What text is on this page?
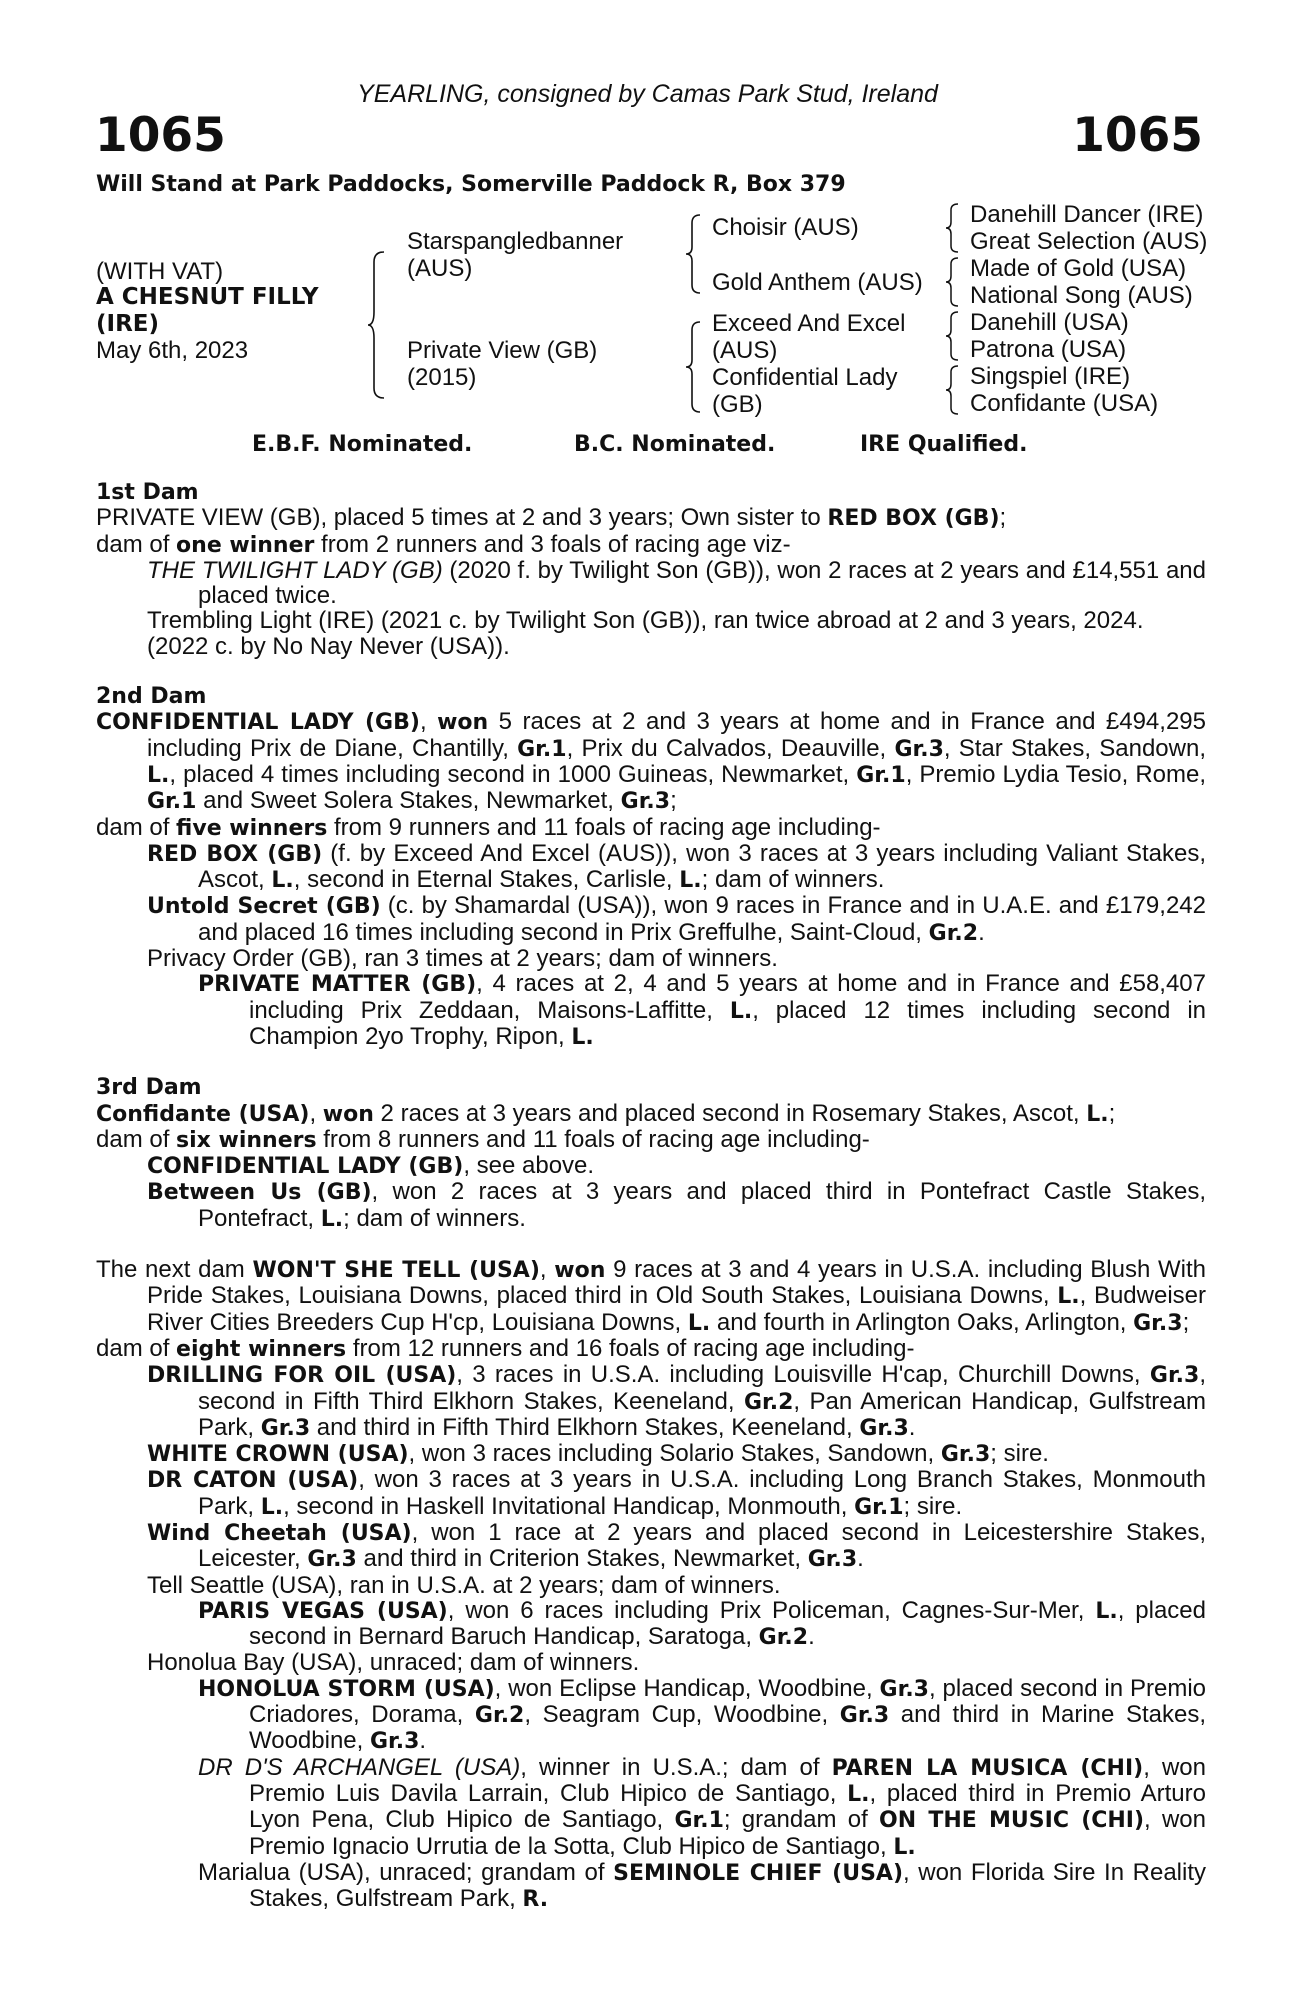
YEARLING, consigned by Camas Park Stud, Ireland
1065	1065
Will Stand at Park Paddocks, Somerville Paddock R, Box 379
(WITH VAT)
A CHESNUT FILLY
(IRE)
May 6th, 2023
Starspangledbanner
(AUS)
Private View (GB)
(2015)
Choisir (AUS)
Gold Anthem (AUS)
Exceed And Excel
(AUS)
Confidential Lady
(GB)
Danehill Dancer (IRE)
Great Selection (AUS)
Made of Gold (USA)
National Song (AUS)
Danehill (USA)
Patrona (USA)
Singspiel (IRE)
Confidante (USA)
E.B.F. Nominated.	B.C. Nominated.	IRE Qualified.
1st Dam

PRIVATE VIEW (GB), placed 5 times at 2 and 3 years; Own sister to RED BOX (GB);

dam of one winner from 2 runners and 3 foals of racing age viz-

THE TWILIGHT LADY (GB) (2020 f. by Twilight Son (GB)), won 2 races at 2 years and £14,551 and placed twice.

Trembling Light (IRE) (2021 c. by Twilight Son (GB)), ran twice abroad at 2 and 3 years, 2024.

(2022 c. by No Nay Never (USA)).

2nd Dam

CONFIDENTIAL LADY (GB), won 5 races at 2 and 3 years at home and in France and £494,295 including Prix de Diane, Chantilly, Gr.1, Prix du Calvados, Deauville, Gr.3, Star Stakes, Sandown, L., placed 4 times including second in 1000 Guineas, Newmarket, Gr.1, Premio Lydia Tesio, Rome, Gr.1 and Sweet Solera Stakes, Newmarket, Gr.3;

dam of five winners from 9 runners and 11 foals of racing age including-

RED BOX (GB) (f. by Exceed And Excel (AUS)), won 3 races at 3 years including Valiant Stakes, Ascot, L., second in Eternal Stakes, Carlisle, L.; dam of winners.

Untold Secret (GB) (c. by Shamardal (USA)), won 9 races in France and in U.A.E. and £179,242 and placed 16 times including second in Prix Greffulhe, Saint-Cloud, Gr.2.

Privacy Order (GB), ran 3 times at 2 years; dam of winners.

PRIVATE MATTER (GB), 4 races at 2, 4 and 5 years at home and in France and £58,407 including Prix Zeddaan, Maisons-Laffitte, L., placed 12 times including second in Champion 2yo Trophy, Ripon, L.

3rd Dam

Confidante (USA), won 2 races at 3 years and placed second in Rosemary Stakes, Ascot, L.;

dam of six winners from 8 runners and 11 foals of racing age including-

CONFIDENTIAL LADY (GB), see above.

Between Us (GB), won 2 races at 3 years and placed third in Pontefract Castle Stakes, Pontefract, L.; dam of winners.

The next dam WON'T SHE TELL (USA), won 9 races at 3 and 4 years in U.S.A. including Blush With Pride Stakes, Louisiana Downs, placed third in Old South Stakes, Louisiana Downs, L., Budweiser River Cities Breeders Cup H'cp, Louisiana Downs, L. and fourth in Arlington Oaks, Arlington, Gr.3;

dam of eight winners from 12 runners and 16 foals of racing age including-

DRILLING FOR OIL (USA), 3 races in U.S.A. including Louisville H'cap, Churchill Downs, Gr.3, second in Fifth Third Elkhorn Stakes, Keeneland, Gr.2, Pan American Handicap, Gulfstream Park, Gr.3 and third in Fifth Third Elkhorn Stakes, Keeneland, Gr.3.

WHITE CROWN (USA), won 3 races including Solario Stakes, Sandown, Gr.3; sire.

DR CATON (USA), won 3 races at 3 years in U.S.A. including Long Branch Stakes, Monmouth Park, L., second in Haskell Invitational Handicap, Monmouth, Gr.1; sire.

Wind Cheetah (USA), won 1 race at 2 years and placed second in Leicestershire Stakes, Leicester, Gr.3 and third in Criterion Stakes, Newmarket, Gr.3.

Tell Seattle (USA), ran in U.S.A. at 2 years; dam of winners.

PARIS VEGAS (USA), won 6 races including Prix Policeman, Cagnes-Sur-Mer, L., placed second in Bernard Baruch Handicap, Saratoga, Gr.2.

Honolua Bay (USA), unraced; dam of winners.

HONOLUA STORM (USA), won Eclipse Handicap, Woodbine, Gr.3, placed second in Premio Criadores, Dorama, Gr.2, Seagram Cup, Woodbine, Gr.3 and third in Marine Stakes, Woodbine, Gr.3.

DR D'S ARCHANGEL (USA), winner in U.S.A.; dam of PAREN LA MUSICA (CHI), won Premio Luis Davila Larrain, Club Hipico de Santiago, L., placed third in Premio Arturo Lyon Pena, Club Hipico de Santiago, Gr.1; grandam of ON THE MUSIC (CHI), won Premio Ignacio Urrutia de la Sotta, Club Hipico de Santiago, L.

Marialua (USA), unraced; grandam of SEMINOLE CHIEF (USA), won Florida Sire In Reality Stakes, Gulfstream Park, R.
